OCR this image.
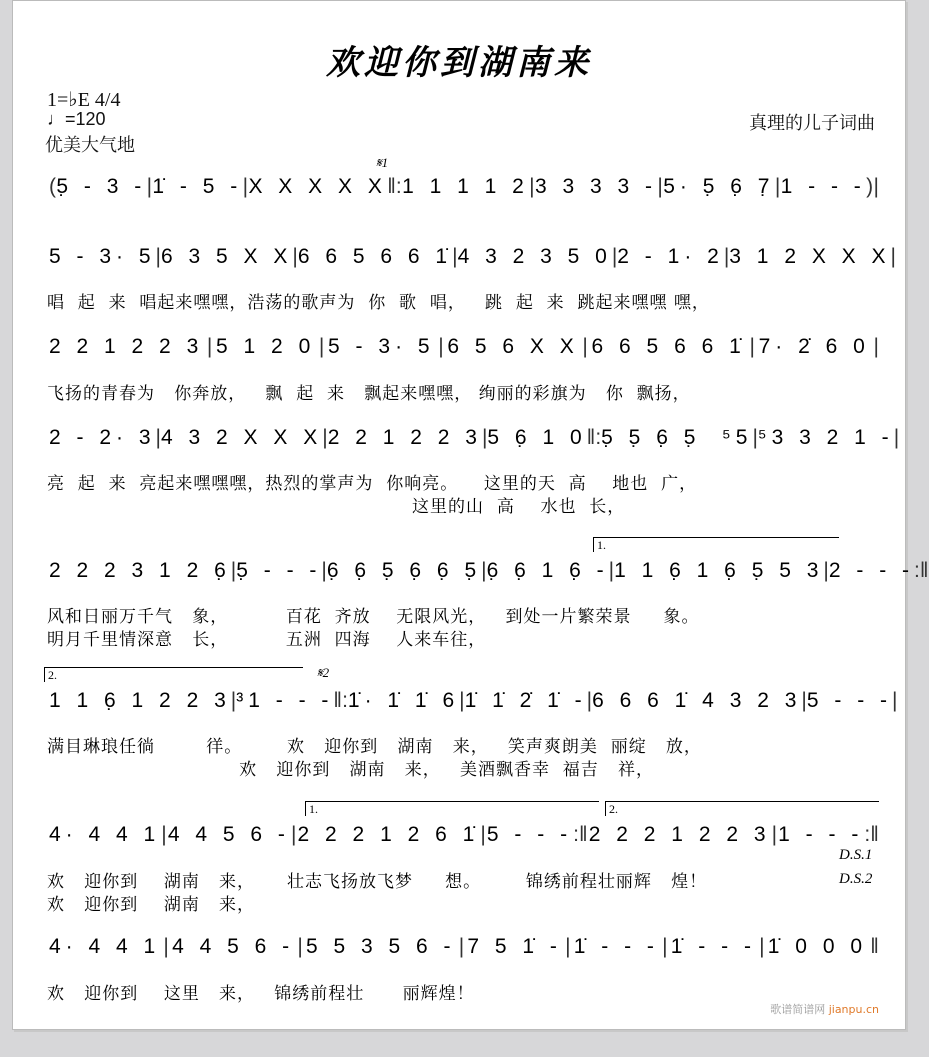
欢迎你到湖南来
1=♭E 4/4
♩=120
优美大气地
真理的儿子词曲
𝄋1
𝄋2
1.
2.
1.	2.
D.S.1
D.S.2
( 5̣ - 3 - | 1̇ - 5 - | X X X X X ‖: 1 1 1 1 2 | 3 3 3 3 - | 5· 5̣ 6̣ 7̣ | 1 - - - ) |
5 - 3· 5 | 6 3 5 X X | 6 6 5 6 6 1̇ | 4 3 2 3 5 0 | 2 - 1· 2 | 3 1 2 X X X |
唱  起  来  唱起来嘿嘿，浩荡的歌声为  你  歌  唱，   跳  起  来  跳起来嘿嘿 嘿，
2 2 1 2 2 3 | 5 1 2 0 | 5 - 3· 5 | 6 5 6 X X | 6 6 5 6 6 1̇ | 7· 2̇ 6 0 |
飞扬的青春为   你奔放，   飘  起  来   飘起来嘿嘿， 绚丽的彩旗为   你  飘扬，
2 - 2· 3 | 4 3 2 X X X | 2 2 1 2 2 3 | 5 6̣ 1 0 ‖: 5̣ 5̣ 6̣ 5̣  ⁵5 | ⁵3 3 2 1 - |
亮  起  来  亮起来嘿嘿嘿，热烈的掌声为  你响亮。    这里的天  高    地也  广，
这里的山  高    水也  长，
2 2 2 3 1 2 6̣ | 5̣ - - - | 6̣ 6̣ 5̣ 6̣ 6̣ 5̣ | 6̣ 6̣ 1 6̣ - | 1 1 6̣ 1 6̣ 5̣ 5 3 | 2 - - - :‖
风和日丽万千气   象，         百花  齐放    无限风光，   到处一片繁荣景     象。
明月千里情深意   长，         五洲  四海    人来车往，
1 1 6̣ 1 2 2 3 | ³1 - - - ‖: 1̇· 1̇ 1̇ 6 | 1̇ 1̇ 2̇ 1̇ - | 6 6 6 1̇ 4 3 2 3 | 5 - - - |
满目琳琅任徜        徉。       欢   迎你到   湖南   来，   笑声爽朗美  丽绽   放，
欢   迎你到   湖南   来，   美酒飘香幸  福吉   祥，
4· 4 4 1 | 4 4 5 6 - | 2 2 2 1 2 6 1̇ | 5 - - - :‖ 2 2 2 1 2 2 3 | 1 - - - :‖
欢   迎你到    湖南   来，     壮志飞扬放飞梦     想。       锦绣前程壮丽辉   煌！
欢   迎你到    湖南   来，
4· 4 4 1 | 4 4 5 6 - | 5 5 3 5 6 - | 7 5 1̇ - | 1̇ - - - | 1̇ - - - | 1̇ 0 0 0 ‖
欢   迎你到    这里   来，   锦绣前程壮      丽辉煌！
歌谱简谱网 jianpu.cn
